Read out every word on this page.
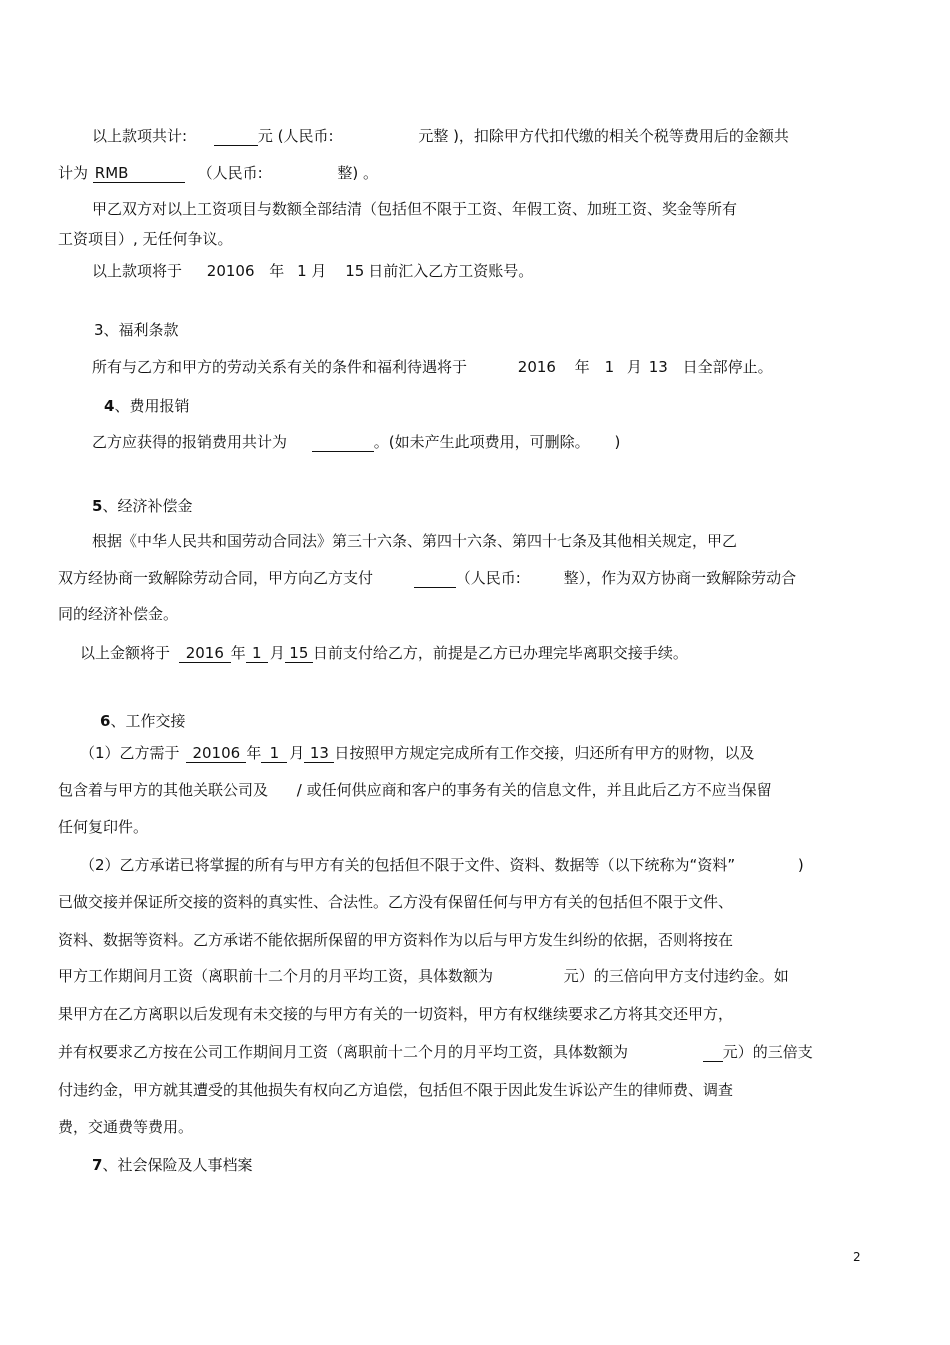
以上款项共计:	元 (人民币:	元整 )，扣除甲方代扣代缴的相关个税等费用后的金额共
计为 RMB	（人民币:	整) 。
甲乙双方对以上工资项目与数额全部结清（包括但不限于工资、年假工资、加班工资、奖金等所有
工资项目）, 无任何争议。
以上款项将于 20106 年 1 月 15 日前汇入乙方工资账号。
3、福利条款
所有与乙方和甲方的劳动关系有关的条件和福利待遇将于	2016 年 1 月 13 日全部停止。
4、费用报销
乙方应获得的报销费用共计为	。(如未产生此项费用，可删除。 )
5、经济补偿金
根据《中华人民共和国劳动合同法》第三十六条、第四十六条、第四十七条及其他相关规定，甲乙
双方经协商一致解除劳动合同，甲方向乙方支付	（人民币:	整），作为双方协商一致解除劳动合
同的经济补偿金。
以上金额将于 2016 年 1 月 15 日前支付给乙方，前提是乙方已办理完毕离职交接手续。
6、工作交接
（1）乙方需于 20106 年 1 月 13 日按照甲方规定完成所有工作交接，归还所有甲方的财物，以及
包含着与甲方的其他关联公司及 / 或任何供应商和客户的事务有关的信息文件，并且此后乙方不应当保留
任何复印件。
（2）乙方承诺已将掌握的所有与甲方有关的包括但不限于文件、资料、数据等（以下统称为“资料”	)
已做交接并保证所交接的资料的真实性、合法性。乙方没有保留任何与甲方有关的包括但不限于文件、
资料、数据等资料。乙方承诺不能依据所保留的甲方资料作为以后与甲方发生纠纷的依据，否则将按在
甲方工作期间月工资（离职前十二个月的月平均工资，具体数额为	元）的三倍向甲方支付违约金。如
果甲方在乙方离职以后发现有未交接的与甲方有关的一切资料，甲方有权继续要求乙方将其交还甲方，
并有权要求乙方按在公司工作期间月工资（离职前十二个月的月平均工资，具体数额为	元）的三倍支
付违约金，甲方就其遭受的其他损失有权向乙方追偿，包括但不限于因此发生诉讼产生的律师费、调查
费，交通费等费用。
7、社会保险及人事档案
2
